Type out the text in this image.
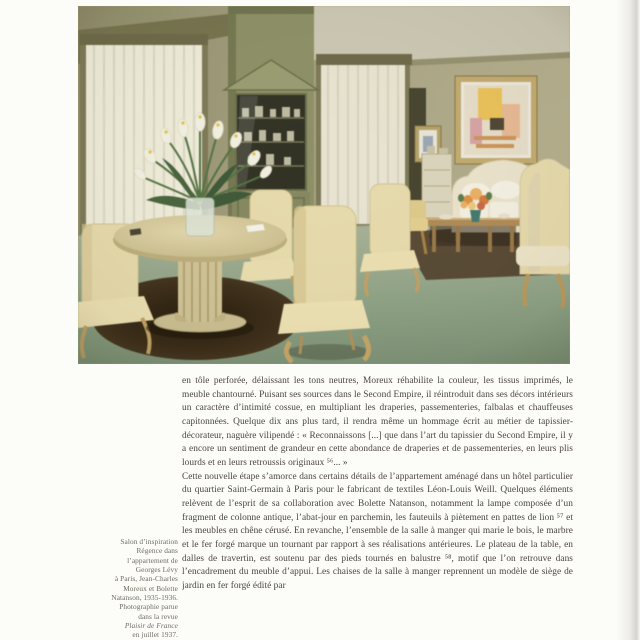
Salon d’inspiration
Régence dans
l’appartement de
Georges Lévy
à Paris, Jean-Charles
Moreux et Bolette
Natanson, 1935-1936.
Photographie parue
dans la revue
Plaisir de France
en juillet 1937.

en tôle perforée, délaissant les tons neutres, Moreux réhabilite la couleur, les tissus imprimés, le meuble chantourné. Puisant ses sources dans le Second Empire, il réintroduit dans ses décors intérieurs un caractère d’intimité cossue, en multipliant les draperies, passementeries, falbalas et chauffeuses capitonnées. Quelque dix ans plus tard, il rendra même un hommage écrit au métier de tapissier-décorateur, naguère vilipendé : « Reconnaissons [...] que dans l’art du tapissier du Second Empire, il y a encore un sentiment de grandeur en cette abondance de draperies et de passementeries, en leurs plis lourds et en leurs retroussis originaux ⁵⁶... »

Cette nouvelle étape s’amorce dans certains détails de l’appartement aménagé dans un hôtel particulier du quartier Saint-Germain à Paris pour le fabricant de textiles Léon-Louis Weill. Quelques éléments relèvent de l’esprit de sa collaboration avec Bolette Natanson, notamment la lampe composée d’un fragment de colonne antique, l’abat-jour en parchemin, les fauteuils à piètement en pattes de lion ⁵⁷ et les meubles en chêne cérusé. En revanche, l’ensemble de la salle à manger qui marie le bois, le marbre et le fer forgé marque un tournant par rapport à ses réalisations antérieures. Le plateau de la table, en dalles de travertin, est soutenu par des pieds tournés en balustre ⁵⁸, motif que l’on retrouve dans l’encadrement du meuble d’appui. Les chaises de la salle à manger reprennent un modèle de siège de jardin en fer forgé édité par
